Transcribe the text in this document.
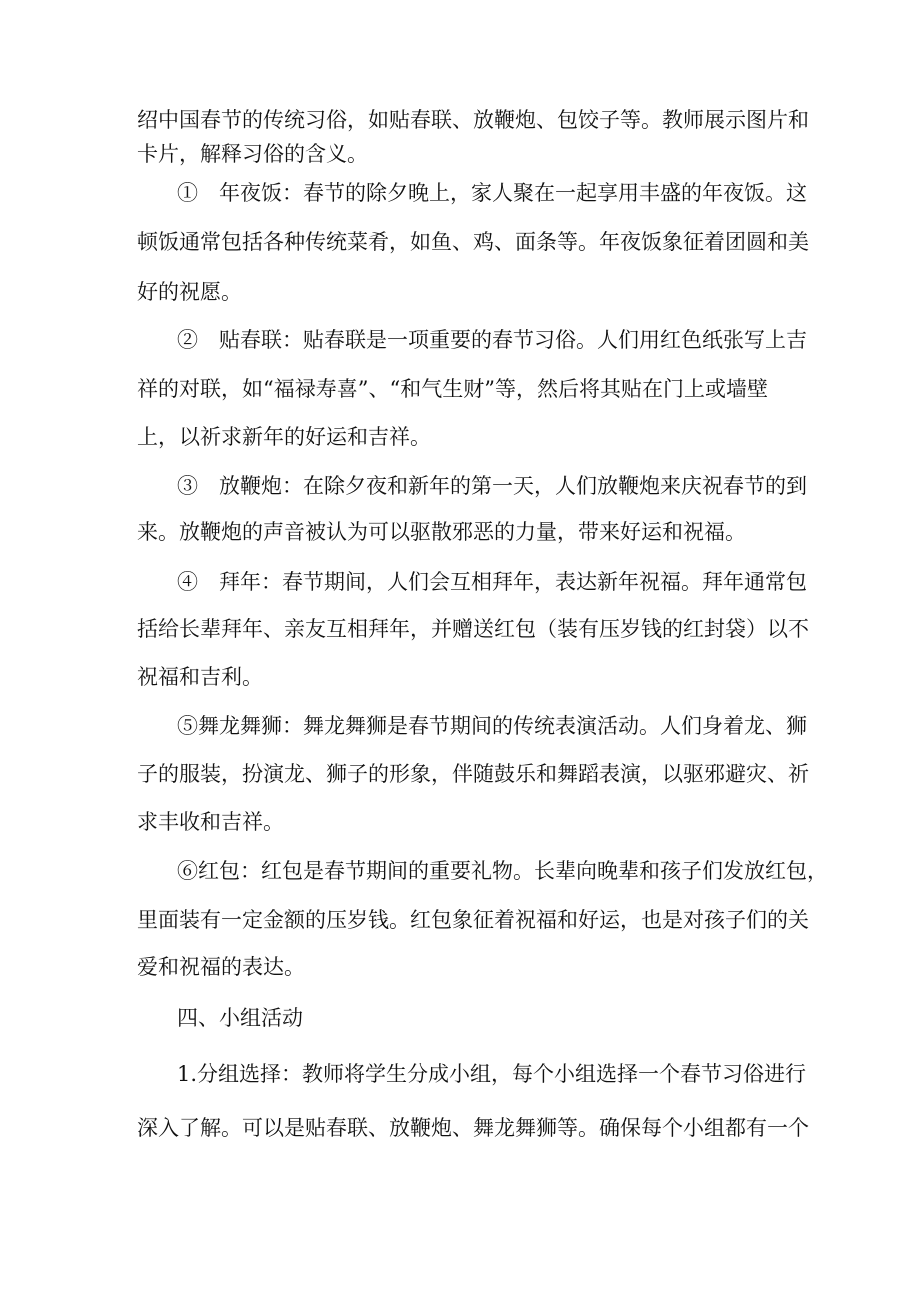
绍中国春节的传统习俗，如贴春联、放鞭炮、包饺子等。教师展示图片和
卡片，解释习俗的含义。
①　年夜饭：春节的除夕晚上，家人聚在一起享用丰盛的年夜饭。这
顿饭通常包括各种传统菜肴，如鱼、鸡、面条等。年夜饭象征着团圆和美
好的祝愿。
②　贴春联：贴春联是一项重要的春节习俗。人们用红色纸张写上吉
祥的对联，如“福禄寿喜”、“和气生财”等，然后将其贴在门上或墙壁
上，以祈求新年的好运和吉祥。
③　放鞭炮：在除夕夜和新年的第一天，人们放鞭炮来庆祝春节的到
来。放鞭炮的声音被认为可以驱散邪恶的力量，带来好运和祝福。
④　拜年：春节期间，人们会互相拜年，表达新年祝福。拜年通常包
括给长辈拜年、亲友互相拜年，并赠送红包（装有压岁钱的红封袋）以不
祝福和吉利。
⑤舞龙舞狮：舞龙舞狮是春节期间的传统表演活动。人们身着龙、狮
子的服装，扮演龙、狮子的形象，伴随鼓乐和舞蹈表演，以驱邪避灾、祈
求丰收和吉祥。
⑥红包：红包是春节期间的重要礼物。长辈向晚辈和孩子们发放红包，
里面装有一定金额的压岁钱。红包象征着祝福和好运，也是对孩子们的关
爱和祝福的表达。
四、小组活动
1.分组选择：教师将学生分成小组，每个小组选择一个春节习俗进行
深入了解。可以是贴春联、放鞭炮、舞龙舞狮等。确保每个小组都有一个
